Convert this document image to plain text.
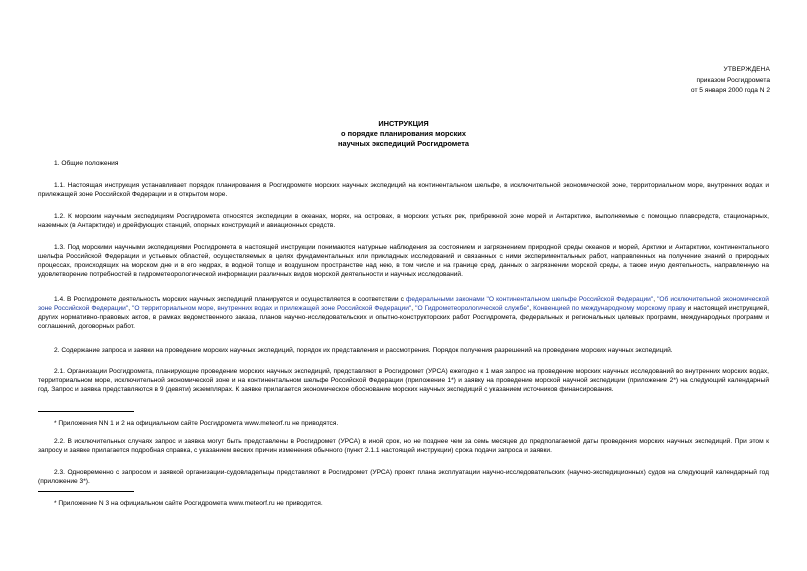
УТВЕРЖДЕНА
приказом Росгидромета
от 5 января 2000 года N 2
ИНСТРУКЦИЯ
о порядке планирования морских
научных экспедиций Росгидромета
1. Общие положения
1.1. Настоящая инструкция устанавливает порядок планирования в Росгидромете морских научных экспедиций на континентальном шельфе, в исключительной экономической зоне, территориальном море, внутренних водах и прилежащей зоне Российской Федерации и в открытом море.
1.2. К морским научным экспедициям Росгидромета относятся экспедиции в океанах, морях, на островах, в морских устьях рек, прибрежной зоне морей и Антарктике, выполняемые с помощью плавсредств, стационарных, наземных (в Антарктиде) и дрейфующих станций, опорных конструкций и авиационных средств.
1.3. Под морскими научными экспедициями Росгидромета в настоящей инструкции понимаются натурные наблюдения за состоянием и загрязнением природной среды океанов и морей, Арктики и Антарктики, континентального шельфа Российской Федерации и устьевых областей, осуществляемых в целях фундаментальных или прикладных исследований и связанных с ними экспериментальных работ, направленных на получение знаний о природных процессах, происходящих на морском дне и в его недрах, в водной толще и воздушном пространстве над нею, в том числе и на границе сред, данных о загрязнении морской среды, а также иную деятельность, направленную на удовлетворение потребностей в гидрометеорологической информации различных видов морской деятельности и научных исследований.
1.4. В Росгидромете деятельность морских научных экспедиций планируется и осуществляется в соответствии с федеральными законами "О континентальном шельфе Российской Федерации", "Об исключительной экономической зоне Российской Федерации", "О территориальном море, внутренних водах и прилежащей зоне Российской Федерации", "О Гидрометеорологической службе", Конвенцией по международному морскому праву и настоящей инструкцией, других нормативно-правовых актов, в рамках ведомственного заказа, планов научно-исследовательских и опытно-конструкторских работ Росгидромета, федеральных и региональных целевых программ, международных программ и соглашений, договорных работ.
2. Содержание запроса и заявки на проведение морских научных экспедиций, порядок их представления и рассмотрения. Порядок получения разрешений на проведение морских научных экспедиций.
2.1. Организации Росгидромета, планирующие проведение морских научных экспедиций, представляют в Росгидромет (УРСА) ежегодно к 1 мая запрос на проведение морских научных исследований во внутренних морских водах, территориальном море, исключительной экономической зоне и на континентальном шельфе Российской Федерации (приложение 1*) и заявку на проведение морской научной экспедиции (приложение 2*) на следующий календарный год. Запрос и заявка представляются в 9 (девяти) экземплярах. К заявке прилагается экономическое обоснование морских научных экспедиций с указанием источников финансирования.
* Приложения NN 1 и 2 на официальном сайте Росгидромета www.meteorf.ru не приводятся.
2.2. В исключительных случаях запрос и заявка могут быть представлены в Росгидромет (УРСА) в иной срок, но не позднее чем за семь месяцев до предполагаемой даты проведения морских научных экспедиций. При этом к запросу и заявке прилагается подробная справка, с указанием веских причин изменения обычного (пункт 2.1.1 настоящей инструкции) срока подачи запроса и заявки.
2.3. Одновременно с запросом и заявкой организации-судовладельцы представляют в Росгидромет (УРСА) проект плана эксплуатации научно-исследовательских (научно-экспедиционных) судов на следующий календарный год (приложение 3*).
* Приложение N 3 на официальном сайте Росгидромета www.meteorf.ru не приводится.
